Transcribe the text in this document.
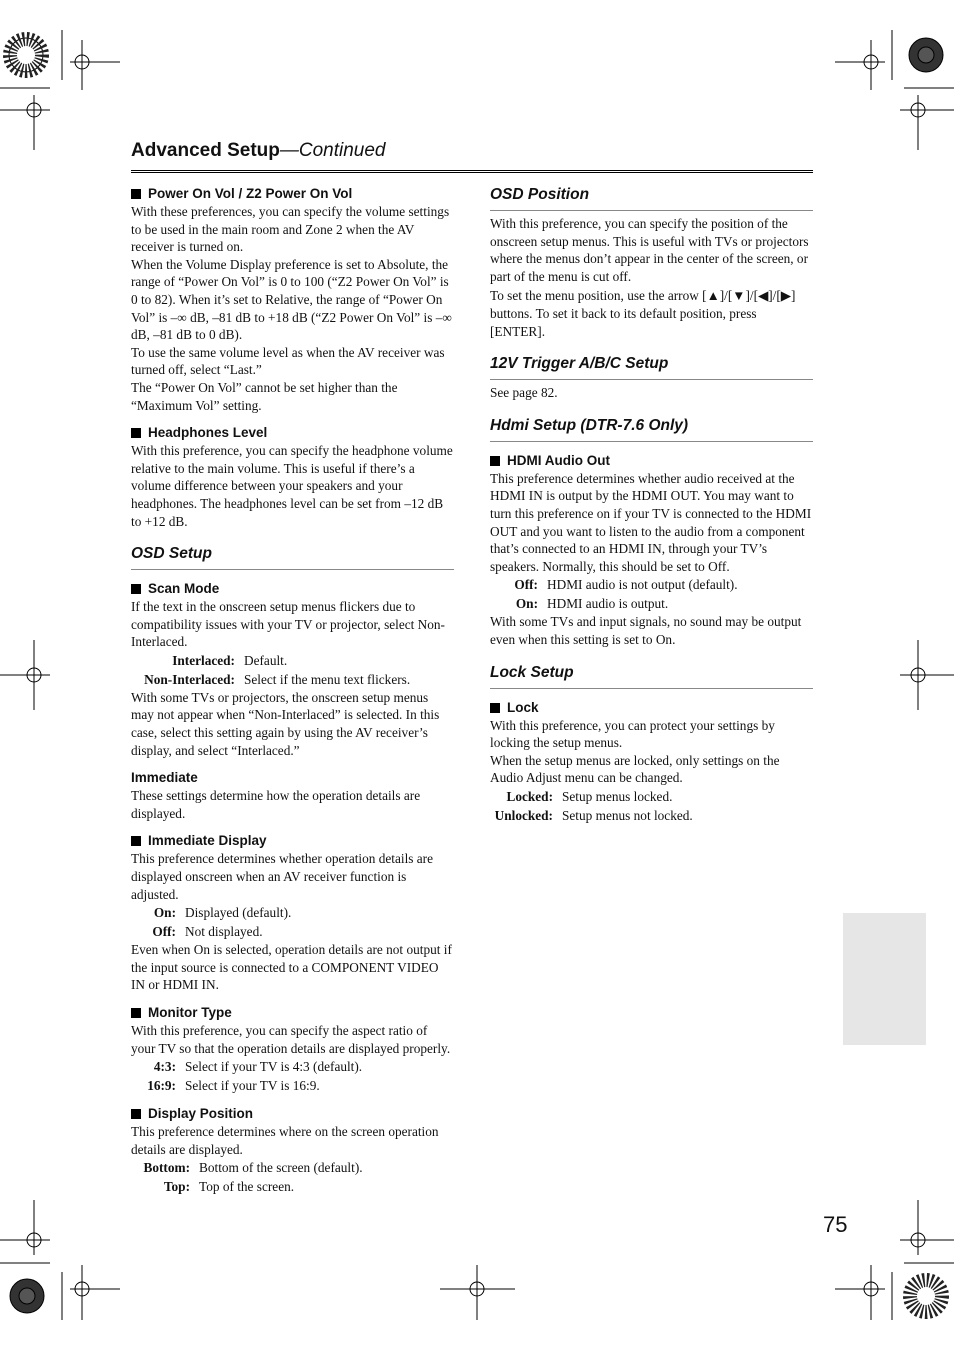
Advanced Setup—Continued
Power On Vol / Z2 Power On Vol

With these preferences, you can specify the volume settings to be used in the main room and Zone 2 when the AV receiver is turned on.

When the Volume Display preference is set to Absolute, the range of “Power On Vol” is 0 to 100 (“Z2 Power On Vol” is 0 to 82). When it’s set to Relative, the range of “Power On Vol” is –∞ dB, –81 dB to +18 dB (“Z2 Power On Vol” is –∞ dB, –81 dB to 0 dB).

To use the same volume level as when the AV receiver was turned off, select “Last.”

The “Power On Vol” cannot be set higher than the “Maximum Vol” setting.

Headphones Level

With this preference, you can specify the headphone volume relative to the main volume. This is useful if there’s a volume difference between your speakers and your headphones. The headphones level can be set from –12 dB to +12 dB.

OSD Setup
Scan Mode

If the text in the onscreen setup menus flickers due to compatibility issues with your TV or projector, select Non-Interlaced.

Interlaced: Default.
Non-Interlaced: Select if the menu text flickers.

With some TVs or projectors, the onscreen setup menus may not appear when “Non-Interlaced” is selected. In this case, select this setting again by using the AV receiver’s display, and select “Interlaced.”

Immediate

These settings determine how the operation details are displayed.

Immediate Display

This preference determines whether operation details are displayed onscreen when an AV receiver function is adjusted.

On: Displayed (default).
Off: Not displayed.

Even when On is selected, operation details are not output if the input source is connected to a COMPONENT VIDEO IN or HDMI IN.

Monitor Type

With this preference, you can specify the aspect ratio of your TV so that the operation details are displayed properly.

4:3: Select if your TV is 4:3 (default).
16:9: Select if your TV is 16:9.
Display Position

This preference determines where on the screen operation details are displayed.

Bottom: Bottom of the screen (default).
Top: Top of the screen.
OSD Position

With this preference, you can specify the position of the onscreen setup menus. This is useful with TVs or projectors where the menus don’t appear in the center of the screen, or part of the menu is cut off.

To set the menu position, use the arrow [▲]/[▼]/[◀]/[▶] buttons. To set it back to its default position, press [ENTER].

12V Trigger A/B/C Setup

See page 82.

Hdmi Setup (DTR-7.6 Only)
HDMI Audio Out

This preference determines whether audio received at the HDMI IN is output by the HDMI OUT. You may want to turn this preference on if your TV is connected to the HDMI OUT and you want to listen to the audio from a component that’s connected to an HDMI IN, through your TV’s speakers. Normally, this should be set to Off.

Off: HDMI audio is not output (default).
On: HDMI audio is output.

With some TVs and input signals, no sound may be output even when this setting is set to On.

Lock Setup
Lock

With this preference, you can protect your settings by locking the setup menus.

When the setup menus are locked, only settings on the Audio Adjust menu can be changed.

Locked: Setup menus locked.
Unlocked: Setup menus not locked.
75
